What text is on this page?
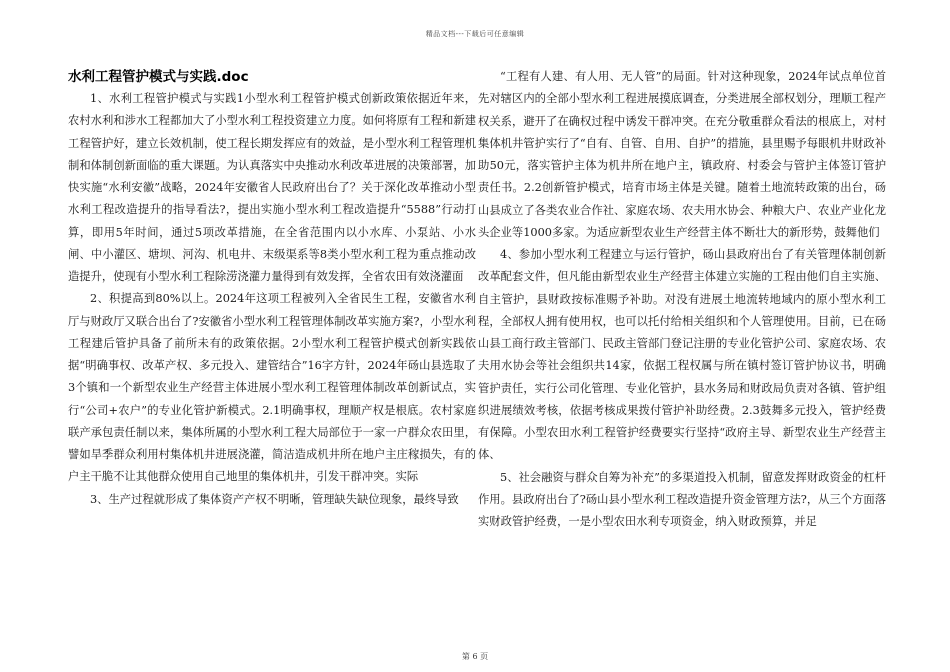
精品文档---下载后可任意编辑

水利工程管护模式与实践.doc

1、水利工程管护模式与实践1小型水利工程管护模式创新政策依据近年来，农村水利和涉水工程都加大了小型水利工程投资建立力度。如何将原有工程和新建工程管护好，建立长效机制，使工程长期发挥应有的效益，是小型水利工程管理机制和体制创新面临的重大课题。为认真落实中央推动水利改革进展的决策部署，加快实施“水利安徽”战略，2024年安徽省人民政府出台了？关于深化改革推动小型水利工程改造提升的指导看法?，提出实施小型水利工程改造提升“5588”行动打算，即用5年时间，通过5项改革措施，在全省范围内以小水库、小泵站、小水闸、中小灌区、塘坝、河沟、机电井、末级渠系等8类小型水利工程为重点推动改造提升，使现有小型水利工程除涝浇灌力量得到有效发挥，全省农田有效浇灌面

2、积提高到80%以上。2024年这项工程被列入全省民生工程，安徽省水利厅与财政厅又联合出台了?安徽省小型水利工程管理体制改革实施方案?，小型水利工程建后管护具备了前所未有的政策依据。2小型水利工程管护模式创新实践依据“明确事权、改革产权、多元投入、建管结合”16字方针，2024年砀山县选取了3个镇和一个新型农业生产经营主体进展小型水利工程管理体制改革创新试点，实行“公司+农户”的专业化管护新模式。2.1明确事权，理顺产权是根底。农村家庭联产承包责任制以来，集体所属的小型水利工程大局部位于一家一户群众农田里，譬如旱季群众利用村集体机井进展浇灌，简洁造成机井所在地户主庄稼损失，有的户主干脆不让其他群众使用自己地里的集体机井，引发干群冲突。实际

3、生产过程就形成了集体资产产权不明晰，管理缺失缺位现象，最终导致

“工程有人建、有人用、无人管”的局面。针对这种现象，2024年试点单位首先对辖区内的全部小型水利工程进展摸底调查，分类进展全部权划分，理顺工程产权关系，避开了在确权过程中诱发干群冲突。在充分敬重群众看法的根底上，对村集体机井管护实行了“自有、自管、自用、自护”的措施，县里赐予每眼机井财政补助50元，落实管护主体为机井所在地户主，镇政府、村委会与管护主体签订管护责任书。2.2创新管护模式，培育市场主体是关键。随着土地流转政策的出台，砀山县成立了各类农业合作社、家庭农场、农夫用水协会、种粮大户、农业产业化龙头企业等1000多家。为适应新型农业生产经营主体不断壮大的新形势，鼓舞他们

4、参加小型水利工程建立与运行管护，砀山县政府出台了有关管理体制创新改革配套文件，但凡能由新型农业生产经营主体建立实施的工程由他们自主实施、自主管护，县财政按标准赐予补助。对没有进展土地流转地域内的原小型水利工程，全部权人拥有使用权，也可以托付给相关组织和个人管理使用。目前，已在砀山县工商行政主管部门、民政主管部门登记注册的专业化管护公司、家庭农场、农夫用水协会等社会组织共14家，依据工程权属与所在镇村签订管护协议书，明确管护责任，实行公司化管理、专业化管护，县水务局和财政局负责对各镇、管护组织进展绩效考核，依据考核成果拨付管护补助经费。2.3鼓舞多元投入，管护经费有保障。小型农田水利工程管护经费要实行坚持“政府主导、新型农业生产经营主体、

5、社会融资与群众自筹为补充”的多渠道投入机制，留意发挥财政资金的杠杆作用。县政府出台了?砀山县小型水利工程改造提升资金管理方法?，从三个方面落实财政管护经费，一是小型农田水利专项资金，纳入财政预算，并足

第 6 页
